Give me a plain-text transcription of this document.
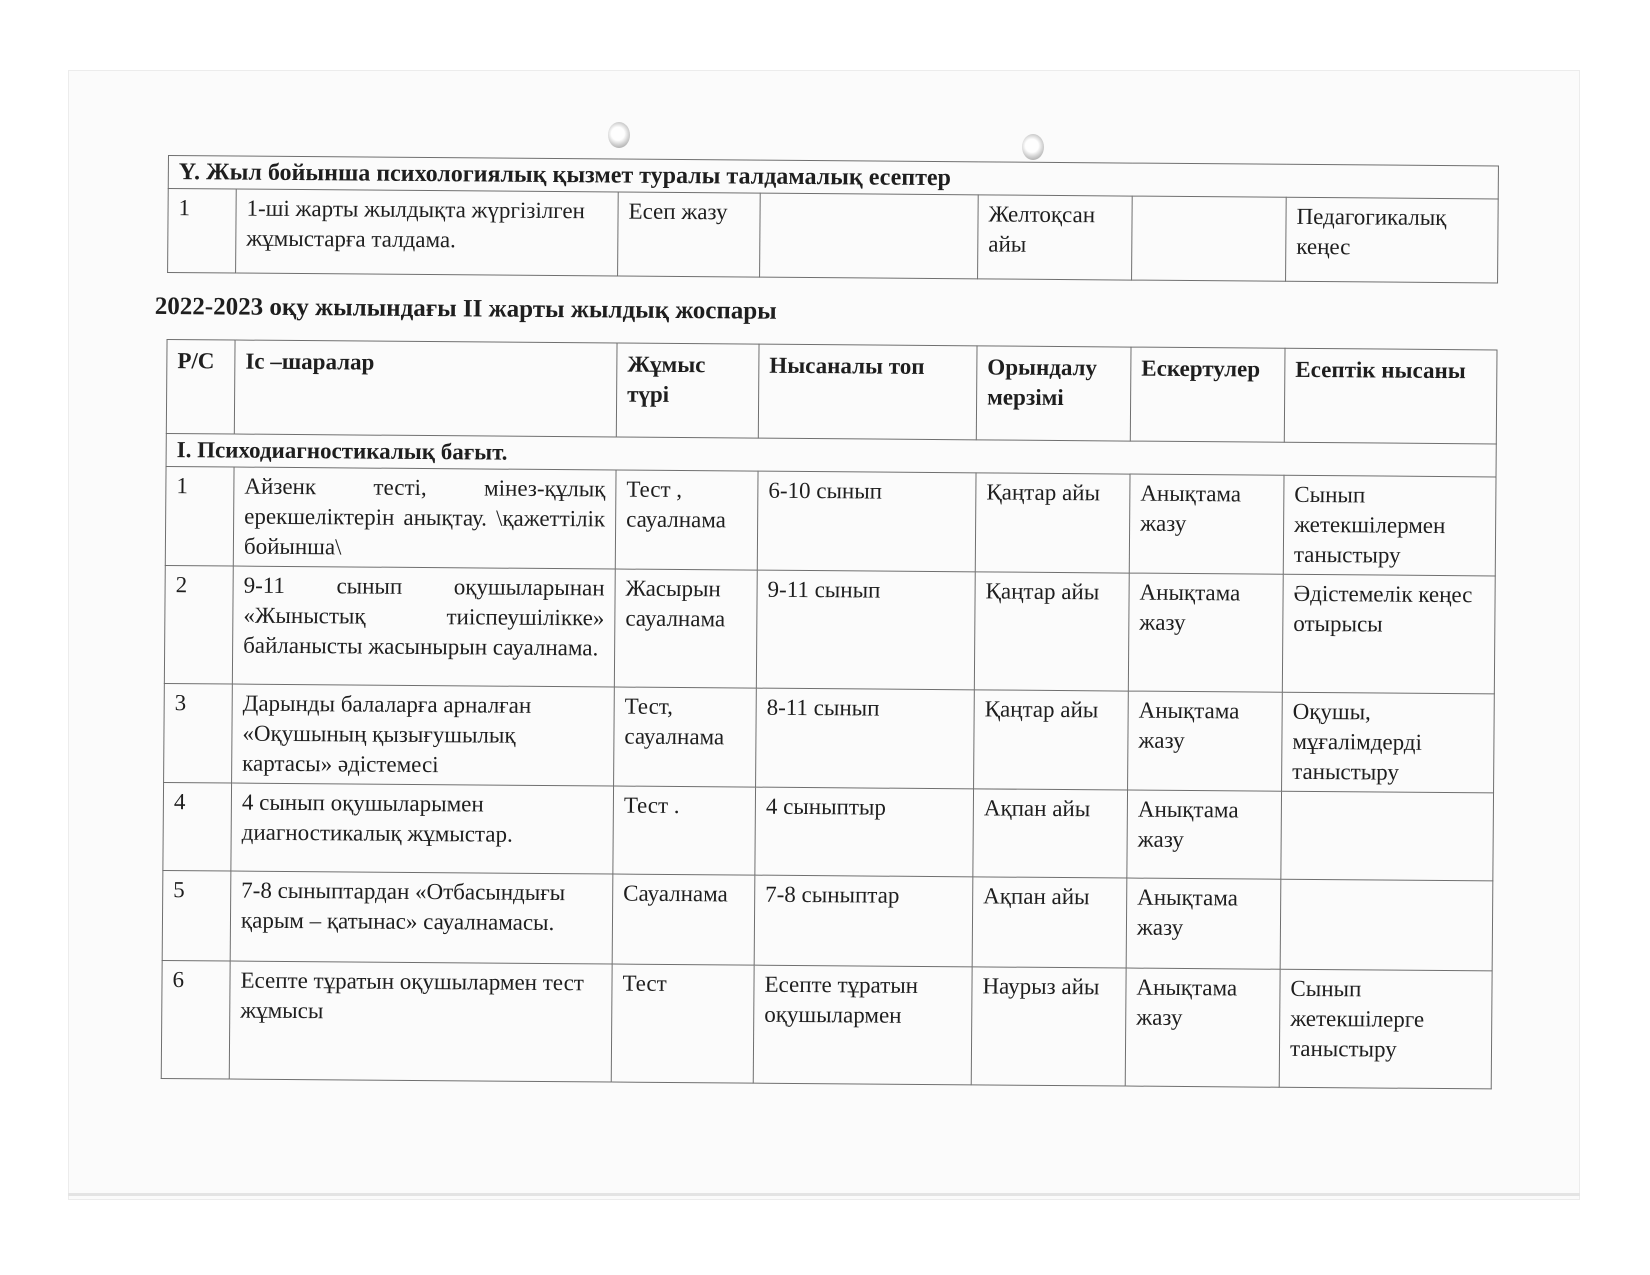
Y. Жыл бойынша психологиялық қызмет туралы талдамалық есептер
1	1-ші жарты жылдықта жүргізілген жұмыстарға талдама.	Есеп жазу		Желтоқсан айы		Педагогикалық кеңес
2022-2023 оқу жылындағы II жарты жылдық жоспары
Р/С	Іс –шаралар	Жұмыс түрі	Нысаналы топ	Орындалу мерзімі	Ескертулер	Есептік нысаны
I. Психодиагностикалық бағыт.						
1	Айзенк тесті, мінез-құлық ерекшеліктерін анықтау. \қажеттілік бойынша\	Тест , сауалнама	6-10 сынып	Қаңтар айы	Анықтама жазу	Сынып жетекшілермен таныстыру
2	9-11 сынып оқушыларынан «Жыныстық тиіспеушілікке» байланысты жасынырын сауалнама.	Жасырын сауалнама	9-11 сынып	Қаңтар айы	Анықтама жазу	Әдістемелік кеңес отырысы
3	Дарынды балаларға арналған «Оқушының қызығушылық картасы» әдістемесі	Тест, сауалнама	8-11 сынып	Қаңтар айы	Анықтама жазу	Оқушы, мұғалімдерді таныстыру
4	4 сынып оқушыларымен диагностикалық жұмыстар.	Тест .	4 сыныптыр	Ақпан айы	Анықтама жазу	
5	7-8 сыныптардан «Отбасындығы қарым – қатынас» сауалнамасы.	Сауалнама	7-8 сыныптар	Ақпан айы	Анықтама жазу	
6	Есепте тұратын оқушылармен тест жұмысы	Тест	Есепте тұратын оқушылармен	Наурыз айы	Анықтама жазу	Сынып жетекшілерге таныстыру
